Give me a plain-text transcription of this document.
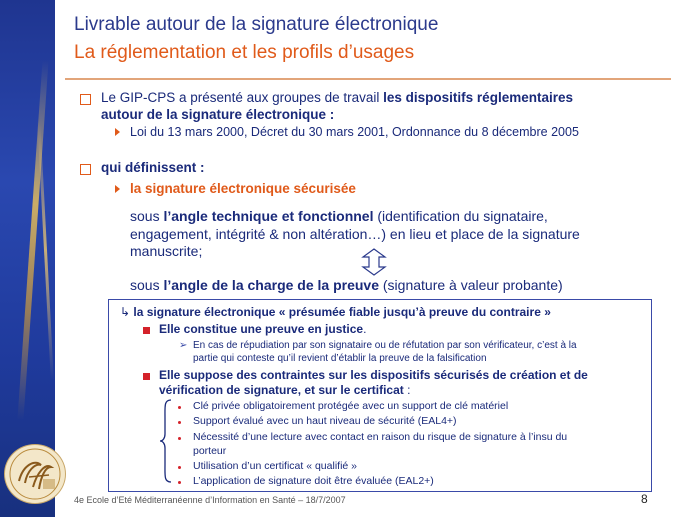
Livrable autour de la signature électronique
La réglementation et les profils d’usages
Le GIP-CPS a présenté aux groupes de travail les dispositifs réglementaires
autour de la signature électronique :
Loi du 13 mars 2000, Décret du 30 mars 2001, Ordonnance du 8 décembre 2005
qui définissent :
la signature électronique sécurisée
sous l’angle technique et fonctionnel (identification du signataire,
engagement, intégrité & non altération…) en lieu et place de la signature
manuscrite;
sous l’angle de la charge de la preuve (signature à valeur probante)
↳ la signature électronique « présumée fiable jusqu’à preuve du contraire »
Elle constitue une preuve en justice.
➢ En cas de répudiation par son signataire ou de réfutation par son vérificateur, c’est à la
partie qui conteste qu’il revient d’établir la preuve de la falsification
Elle suppose des contraintes sur les dispositifs sécurisés de création et de
vérification de signature, et sur le certificat :
Clé privée obligatoirement protégée avec un support de clé matériel
Support évalué avec un haut niveau de sécurité (EAL4+)
Nécessité d’une lecture avec contact en raison du risque de signature à l’insu du
porteur
Utilisation d’un certificat « qualifié »
L’application de signature doit être évaluée (EAL2+)
4e Ecole d’Eté Méditerranéenne d’Information en Santé – 18/7/2007	8
